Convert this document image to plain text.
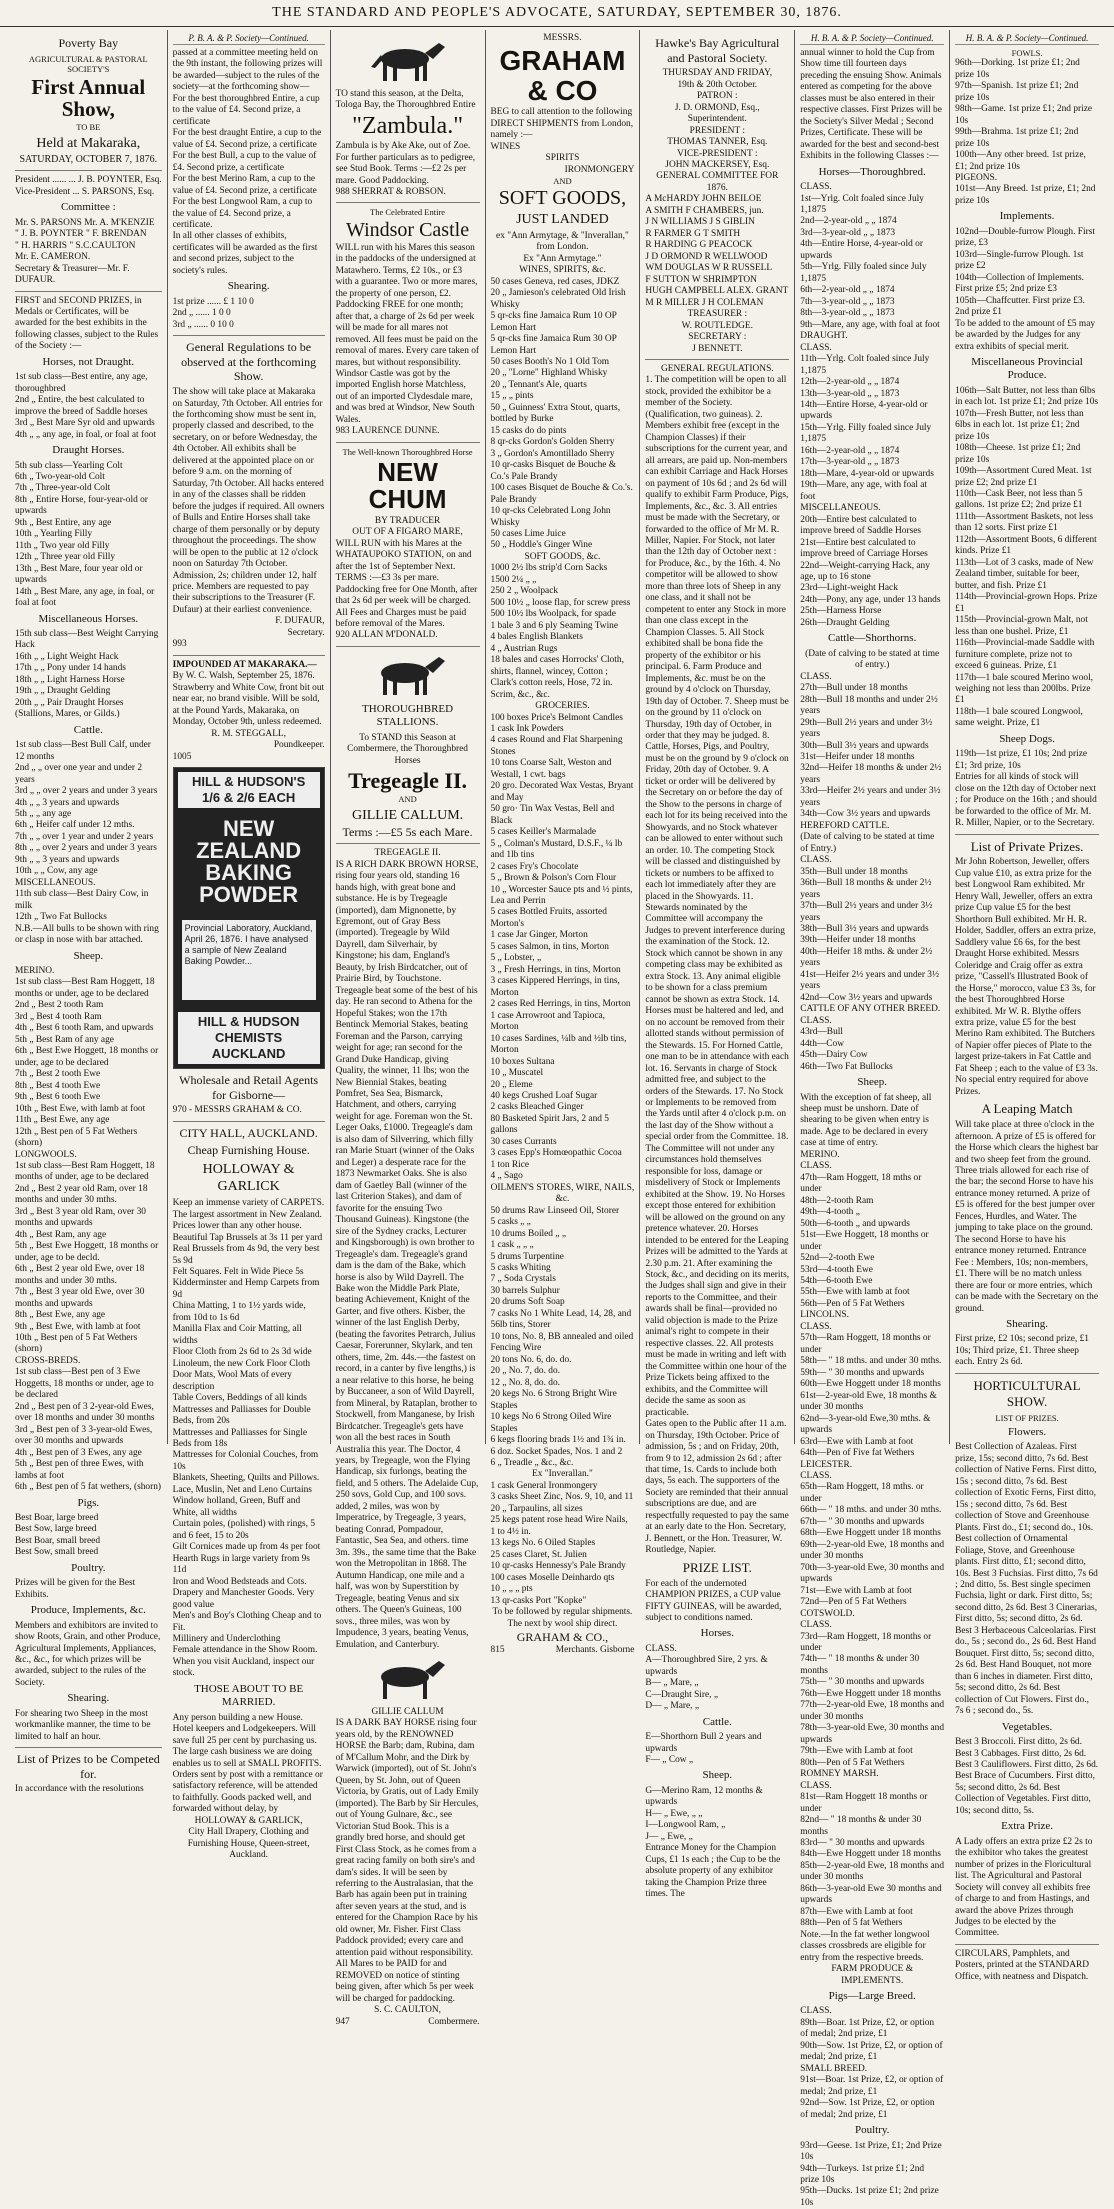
THE STANDARD AND PEOPLE'S ADVOCATE, SATURDAY, SEPTEMBER 30, 1876.
Poverty Bay
AGRICULTURAL & PASTORAL SOCIETY'S
First Annual Show,
TO BE
Held at Makaraka,
SATURDAY, OCTOBER 7, 1876.

President ...... ... J. B. POYNTER, Esq.

Vice-President ... S. PARSONS, Esq.

Committee :

Mr. S. PARSONS Mr. A. M'KENZIE

" J. B. POYNTER " F. BRENDAN

" H. HARRIS " S.C.CAULTON

Mr. E. CAMERON.

Secretary & Treasurer—Mr. F. DUFAUR.

FIRST and SECOND PRIZES, in Medals or Certificates, will be awarded for the best exhibits in the following classes, subject to the Rules of the Society :—

Horses, not Draught.

1st sub class—Best entire, any age, thoroughbred

2nd „ Entire, the best calculated to improve the breed of Saddle horses

3rd „ Best Mare Syr old and upwards

4th „ „ any age, in foal, or foal at foot

Draught Horses.

5th sub class—Yearling Colt

6th „ Two-year-old Colt

7th „ Three-year-old Colt

8th „ Entire Horse, four-year-old or upwards

9th „ Best Entire, any age

10th „ Yearling Filly

11th „ Two year old Filly

12th „ Three year old Filly

13th „ Best Mare, four year old or upwards

14th „ Best Mare, any age, in foal, or foal at foot

Miscellaneous Horses.

15th sub class—Best Weight Carrying Hack

16th „ „ Light Weight Hack

17th „ „ Pony under 14 hands

18th „ „ Light Harness Horse

19th „ „ Draught Gelding

20th „ „ Pair Draught Horses (Stallions, Mares, or Gilds.)

Cattle.

1st sub class—Best Bull Calf, under 12 months

2nd „ „ over one year and under 2 years

3rd „ „ over 2 years and under 3 years

4th „ „ 3 years and upwards

5th „ „ any age

6th „ Heifer calf under 12 mths.

7th „ „ over 1 year and under 2 years

8th „ „ over 2 years and under 3 years

9th „ „ 3 years and upwards

10th „ „ Cow, any age

MISCELLANEOUS.

11th sub class—Best Dairy Cow, in milk

12th „ Two Fat Bullocks

N.B.—All bulls to be shown with ring or clasp in nose with bar attached.

Sheep.

MERINO.

1st sub class—Best Ram Hoggett, 18 months or under, age to be declared

2nd „ Best 2 tooth Ram

3rd „ Best 4 tooth Ram

4th „ Best 6 tooth Ram, and upwards

5th „ Best Ram of any age

6th „ Best Ewe Hoggett, 18 months or under, age to be declared

7th „ Best 2 tooth Ewe

8th „ Best 4 tooth Ewe

9th „ Best 6 tooth Ewe

10th „ Best Ewe, with lamb at foot

11th „ Best Ewe, any age

12th „ Best pen of 5 Fat Wethers (shorn)

LONGWOOLS.

1st sub class—Best Ram Hoggett, 18 months of under, age to be declared

2nd „ Best 2 year old Ram, over 18 months and under 30 mths.

3rd „ Best 3 year old Ram, over 30 months and upwards

4th „ Best Ram, any age

5th „ Best Ewe Hoggett, 18 months or under, age to be decld.

6th „ Best 2 year old Ewe, over 18 months and under 30 mths.

7th „ Best 3 year old Ewe, over 30 months and upwards

8th „ Best Ewe, any age

9th „ Best Ewe, with lamb at foot

10th „ Best pen of 5 Fat Wethers (shorn)

CROSS-BREDS.

1st sub class—Best pen of 3 Ewe Hoggetts, 18 months or under, age to be declared

2nd „ Best pen of 3 2-year-old Ewes, over 18 months and under 30 months

3rd „ Best pen of 3 3-year-old Ewes, over 30 months and upwards

4th „ Best pen of 3 Ewes, any age

5th „ Best pen of three Ewes, with lambs at foot

6th „ Best pen of 5 fat wethers, (shorn)

Pigs.

Best Boar, large breed

Best Sow, large breed

Best Boar, small breed

Best Sow, small breed

Poultry.

Prizes will be given for the Best Exhibits.

Produce, Implements, &c.

Members and exhibitors are invited to show Roots, Grain, and other Produce, Agricultural Implements, Appliances, &c., &c., for which prizes will be awarded, subject to the rules of the Society.

Shearing.

For shearing two Sheep in the most workmanlike manner, the time to be limited to half an hour.

List of Prizes to be Competed for.

In accordance with the resolutions

P. B. A. & P. Society—Continued.

passed at a committee meeting held on the 9th instant, the following prizes will be awarded—subject to the rules of the society—at the forthcoming show—

For the best thoroughbred Entire, a cup to the value of £4. Second prize, a certificate

For the best draught Entire, a cup to the value of £4. Second prize, a certificate

For the best Bull, a cup to the value of £4. Second prize, a certificate

For the best Merino Ram, a cup to the value of £4. Second prize, a certificate

For the best Longwool Ram, a cup to the value of £4. Second prize, a certificate.

In all other classes of exhibits, certificates will be awarded as the first and second prizes, subject to the society's rules.

Shearing.

1st prize ...... £ 1 10 0

2nd „ ...... 1 0 0

3rd „ ...... 0 10 0

General Regulations to be observed at the forthcoming Show.

The show will take place at Makaraka on Saturday, 7th October. All entries for the forthcoming show must be sent in, properly classed and described, to the secretary, on or before Wednesday, the 4th October. All exhibits shall be delivered at the appointed place on or before 9 a.m. on the morning of Saturday, 7th October. All hacks entered in any of the classes shall be ridden before the judges if required. All owners of Bulls and Entire Horses shall take charge of them personally or by deputy throughout the proceedings. The show will be open to the public at 12 o'clock noon on Saturday 7th October. Admission, 2s; children under 12, half price. Members are requested to pay their subscriptions to the Treasurer (F. Dufaur) at their earliest convenience.

F. DUFAUR,

Secretary.

993

IMPOUNDED AT MAKARAKA.—

By W. C. Walsh, September 25, 1876. Strawberry and White Cow, front bit out near ear, no brand visible. Will be sold, at the Pound Yards, Makaraka, on Monday, October 9th, unless redeemed.

R. M. STEGGALL,

Poundkeeper.

1005

HILL & HUDSON'S 1/6 & 2/6 EACH
NEW ZEALAND BAKING POWDER
Provincial Laboratory, Auckland, April 26, 1876. I have analysed a sample of New Zealand Baking Powder...
HILL & HUDSON CHEMISTS AUCKLAND
Wholesale and Retail Agents for Gisborne—

970 - MESSRS GRAHAM & CO.

CITY HALL, AUCKLAND.
Cheap Furnishing House.
HOLLOWAY & GARLICK

Keep an immense variety of CARPETS. The largest assortment in New Zealand. Prices lower than any other house.

Beautiful Tap Brussels at 3s 11 per yard

Real Brussels from 4s 9d, the very best 5s 9d

Felt Squares. Felt in Wide Piece 5s

Kidderminster and Hemp Carpets from 9d

China Matting, 1 to 1½ yards wide, from 10d to 1s 6d

Manilla Flax and Coir Matting, all widths

Floor Cloth from 2s 6d to 2s 3d wide

Linoleum, the new Cork Floor Cloth

Door Mats, Wool Mats of every description

Table Covers, Beddings of all kinds

Mattresses and Palliasses for Double Beds, from 20s

Mattresses and Palliasses for Single Beds from 18s

Mattresses for Colonial Couches, from 10s

Blankets, Sheeting, Quilts and Pillows.

Lace, Muslin, Net and Leno Curtains

Window holland, Green, Buff and White, all widths

Curtain poles, (polished) with rings, 5 and 6 feet, 15 to 20s

Gilt Cornices made up from 4s per foot

Hearth Rugs in large variety from 9s 11d

Iron and Wood Bedsteads and Cots.

Drapery and Manchester Goods. Very good value

Men's and Boy's Clothing Cheap and to Fit.

Millinery and Underclothing

Female attendance in the Show Room.

When you visit Auckland, inspect our stock.

THOSE ABOUT TO BE MARRIED.

Any person building a new House. Hotel keepers and Lodgekeepers. Will save full 25 per cent by purchasing us. The large cash business we are doing enables us to sell at SMALL PROFITS. Orders sent by post with a remittance or satisfactory reference, will be attended to faithfully. Goods packed well, and forwarded without delay, by

HOLLOWAY & GARLICK,

City Hall Drapery, Clothing and Furnishing House, Queen-street, Auckland.

TO stand this season, at the Delta, Tologa Bay, the Thoroughbred Entire

"Zambula."

Zambula is by Ake Ake, out of Zoe. For further particulars as to pedigree, see Stud Book. Terms :—£2 2s per mare. Good Paddocking.

988 SHERRAT & ROBSON.

The Celebrated Entire
Windsor Castle

WILL run with his Mares this season in the paddocks of the undersigned at Matawhero. Terms, £2 10s., or £3 with a guarantee. Two or more mares, the property of one person, £2. Paddocking FREE for one month; after that, a charge of 2s 6d per week will be made for all mares not removed. All fees must be paid on the removal of mares. Every care taken of mares, but without responsibility. Windsor Castle was got by the imported English horse Matchless, out of an imported Clydesdale mare, and was bred at Windsor, New South Wales.

983 LAURENCE DUNNE.

The Well-known Thoroughbred Horse
NEW CHUM
BY TRADUCER
OUT OF A FIGARO MARE,

WILL RUN with his Mares at the WHATAUPOKO STATION, on and after the 1st of September Next. TERMS :—£3 3s per mare. Paddocking free for One Month, after that 2s 6d per week will be charged. All Fees and Charges must be paid before removal of the Mares.

920 ALLAN M'DONALD.

THOROUGHBRED STALLIONS.

To STAND this Season at Combermere, the Thoroughbred Horses

Tregeagle II.
AND
GILLIE CALLUM.
Terms :—£5 5s each Mare.
TREGEAGLE II.

IS A RICH DARK BROWN HORSE, rising four years old, standing 16 hands high, with great bone and substance. He is by Tregeagle (imported), dam Mignonette, by Egremont, out of Gray Bess (imported). Tregeagle by Wild Dayrell, dam Silverhair, by Kingstone; his dam, England's Beauty, by Irish Birdcatcher, out of Prairie Bird, by Touchstone. Tregeagle beat some of the best of his day. He ran second to Athena for the Hopeful Stakes; won the 17th Bentinck Memorial Stakes, beating Foreman and the Parson, carrying weight for age; ran second for the Grand Duke Handicap, giving Quality, the winner, 11 lbs; won the New Biennial Stakes, beating Pomfret, Sea Sea, Bismarck, Hatchment, and others, carrying weight for age. Foreman won the St. Leger Oaks, £1000. Tregeagle's dam is also dam of Silverring, which filly ran Marie Stuart (winner of the Oaks and Leger) a desperate race for the 1873 Newmarket Oaks. She is also dam of Gaetley Ball (winner of the last Criterion Stakes), and dam of favorite for the ensuing Two Thousand Guineas). Kingstone (the sire of the Sydney cracks, Lecturer and Kingsborough) is own brother to Tregeagle's dam. Tregeagle's grand dam is the dam of the Bake, which horse is also by Wild Dayrell. The Bake won the Middle Park Plate, beating Achievement, Knight of the Garter, and five others. Kisber, the winner of the last English Derby, (beating the favorites Petrarch, Julius Caesar, Forerunner, Skylark, and ten others, time, 2m. 44s.—the fastest on record, in a canter by five lengths,) is a near relative to this horse, he being by Buccaneer, a son of Wild Dayrell, from Mineral, by Rataplan, brother to Stockwell, from Manganese, by Irish Birdcatcher. Tregeagle's gets have won all the best races in South Australia this year. The Doctor, 4 years, by Tregeagle, won the Flying Handicap, six furlongs, beating the field, and 5 others. The Adelaide Cup, 250 sovs, Gold Cup, and 100 sovs. added, 2 miles, was won by Imperatrice, by Tregeagle, 3 years, beating Conrad, Pompadour, Fantastic, Sea Sea, and others. time 3m. 39s., the same time that the Bake won the Metropolitan in 1868. The Autumn Handicap, one mile and a half, was won by Superstition by Tregeagle, beating Venus and six others. The Queen's Guineas, 100 sovs., three miles, was won by Impudence, 3 years, beating Venus, Emulation, and Canterbury.

GILLIE CALLUM

IS A DARK BAY HORSE rising four years old, by the RENOWNED HORSE the Barb; dam, Rubina, dam of M'Callum Mohr, and the Dirk by Warwick (imported), out of St. John's Queen, by St. John, out of Queen Victoria, by Gratis, out of Lady Emily (imported). The Barb by Sir Hercules, out of Young Gulnare, &c., see Victorian Stud Book. This is a grandly bred horse, and should get First Class Stock, as he comes from a great racing family on both sire's and dam's sides. It will be seen by referring to the Australasian, that the Barb has again been put in training after seven years at the stud, and is entered for the Champion Race by his old owner, Mr. Fisher. First Class Paddock provided; every care and attention paid without responsibility. All Mares to be PAID for and REMOVED on notice of stinting being given, after which 5s per week will be charged for paddocking.

S. C. CAULTON,

947	Combermere.

MESSRS.
GRAHAM & CO

BEG to call attention to the following DIRECT SHIPMENTS from London, namely :—

WINES

SPIRITS
IRONMONGERY
AND
SOFT GOODS,
JUST LANDED

ex "Ann Armytage, & "Inverallan," from London.

Ex "Ann Armytage."
WINES, SPIRITS, &c.

50 cases Geneva, red cases, JDKZ

20 „ Jamieson's celebrated Old Irish Whisky

5 qr-cks fine Jamaica Rum 10 OP Lemon Hart

5 qr-cks fine Jamaica Rum 30 OP Lemon Hart

50 cases Booth's No 1 Old Tom

20 „ "Lorne" Highland Whisky

20 „ Tennant's Ale, quarts

15 „ „ pints

50 „ Guinness' Extra Stout, quarts, bottled by Burke

15 casks do do pints

8 qr-cks Gordon's Golden Sherry

3 „ Gordon's Amontillado Sherry

10 qr-casks Bisquet de Bouche & Co.'s Pale Brandy

100 cases Bisquet de Bouche & Co.'s. Pale Brandy

10 qr-cks Celebrated Long John Whisky

50 cases Lime Juice

50 „ Hoddle's Ginger Wine

SOFT GOODS, &c.

1000 2½ lbs strip'd Corn Sacks

1500 2¼ „ „

250 2 „ Woolpack

500 10½ „ loose flap, for screw press

500 10½ lbs Woolpack, for spade

1 bale 3 and 6 ply Seaming Twine

4 bales English Blankets

4 „ Austrian Rugs

18 bales and cases Horrocks' Cloth, shirts, flannel, wincey, Cotton ; Clark's cotton reels, Hose, 72 in. Scrim, &c., &c.

GROCERIES.

100 boxes Price's Belmont Candles

1 cask Ink Powders

4 cases Round and Flat Sharpening Stones

10 tons Coarse Salt, Weston and Westall, 1 cwt. bags

20 gro. Decorated Wax Vestas, Bryant and May

50 gro· Tin Wax Vestas, Bell and Black

5 cases Keiller's Marmalade

5 „ Colman's Mustard, D.S.F., ¼ lb and 1lb tins

2 cases Fry's Chocolate

5 „ Brown & Polson's Corn Flour

10 „ Worcester Sauce pts and ½ pints, Lea and Perrin

5 cases Bottled Fruits, assorted Morton's

1 case Jar Ginger, Morton

5 cases Salmon, in tins, Morton

5 „ Lobster, „

3 „ Fresh Herrings, in tins, Morton

3 cases Kippered Herrings, in tins, Morton

2 cases Red Herrings, in tins, Morton

1 case Arrowroot and Tapioca, Morton

10 cases Sardines, ¼lb and ½lb tins, Morton

10 boxes Sultana

10 „ Muscatel

20 „ Eleme

40 kegs Crushed Loaf Sugar

2 casks Bleached Ginger

80 Basketed Spirit Jars, 2 and 5 gallons

30 cases Currants

3 cases Epp's Homœopathic Cocoa

1 ton Rice

4 „ Sago

OILMEN'S STORES, WIRE, NAILS, &c.

50 drums Raw Linseed Oil, Storer

5 casks „ „

10 drums Boiled „ „

1 cask „ „ „

5 drums Turpentine

5 casks Whiting

7 „ Soda Crystals

30 barrels Sulphur

20 drums Soft Soap

7 casks No 1 White Lead, 14, 28, and 56lb tins, Storer

10 tons, No. 8, BB annealed and oiled Fencing Wire

20 tons No. 6, do. do.

20 „ No. 7, do. do.

12 „ No. 8, do. do.

20 kegs No. 6 Strong Bright Wire Staples

10 kegs No 6 Strong Oiled Wire Staples

6 kegs flooring brads 1½ and 1¾ in.

6 doz. Socket Spades, Nos. 1 and 2

6 „ Treadle „ &c., &c.

Ex "Inverallan."

1 cask General Ironmongery

3 casks Sheet Zinc, Nos. 9, 10, and 11

20 „ Tarpaulins, all sizes

25 kegs patent rose head Wire Nails, 1 to 4½ in.

13 kegs No. 6 Oiled Staples

25 cases Claret, St. Julien

10 qr-casks Hennessy's Pale Brandy

100 cases Moselle Deinhardo qts

10 „ „ „ pts

13 qr-casks Port "Kopke"

To be followed by regular shipments. The next by wool ship direct.

GRAHAM & CO.,

815	Merchants. Gisborne

Hawke's Bay Agricultural and Pastoral Society.
THURSDAY AND FRIDAY,
19th & 20th October.
PATRON :
J. D. ORMOND, Esq., Superintendent.
PRESIDENT :
THOMAS TANNER, Esq.
VICE-PRESIDENT :
JOHN MACKERSEY, Esq.
GENERAL COMMITTEE FOR 1876.

A McHARDY JOHN BEILOE

A SMITH F CHAMBERS, jun.

J N WILLIAMS J S GIBLIN

R FARMER G T SMITH

R HARDING G PEACOCK

J D ORMOND R WELLWOOD

WM DOUGLAS W R RUSSELL

F SUTTON W SHRIMPTON

HUGH CAMPBELL ALEX. GRANT

M R MILLER J H COLEMAN

TREASURER :
W. ROUTLEDGE.
SECRETARY :
J BENNETT.
GENERAL REGULATIONS.

1. The competition will be open to all stock, provided the exhibitor be a member of the Society. (Qualification, two guineas). 2. Members exhibit free (except in the Champion Classes) if their subscriptions for the current year, and all arrears, are paid up. Non-members can exhibit Carriage and Hack Horses on payment of 10s 6d ; and 2s 6d will qualify to exhibit Farm Produce, Pigs, Implements, &c., &c. 3. All entries must be made with the Secretary, or forwarded to the office of Mr M. R. Miller, Napier. For Stock, not later than the 12th day of October next : for Produce, &c., by the 16th. 4. No competitor will be allowed to show more than three lots of Sheep in any one class, and it shall not be competent to enter any Stock in more than one class except in the Champion Classes. 5. All Stock exhibited shall be bona fide the property of the exhibitor or his principal. 6. Farm Produce and Implements, &c. must be on the ground by 4 o'clock on Thursday, 19th day of October. 7. Sheep must be on the ground by 11 o'clock on Thursday, 19th day of October, in order that they may be judged. 8. Cattle, Horses, Pigs, and Poultry, must be on the ground by 9 o'clock on Friday, 20th day of October. 9. A ticket or order will be delivered by the Secretary on or before the day of the Show to the persons in charge of each lot for its being received into the Showyards, and no Stock whatever can be allowed to enter without such an order. 10. The competing Stock will be classed and distinguished by tickets or numbers to be affixed to each lot immediately after they are placed in the Showyards. 11. Stewards nominated by the Committee will accompany the Judges to prevent interference during the examination of the Stock. 12. Stock which cannot be shown in any competing class may be exhibited as extra Stock. 13. Any animal eligible to be shown for a class premium cannot be shown as extra Stock. 14. Horses must be haltered and led, and on no account be removed from their allotted stands without permission of the Stewards. 15. For Horned Cattle, one man to be in attendance with each lot. 16. Servants in charge of Stock admitted free, and subject to the orders of the Stewards. 17. No Stock or Implements to be removed from the Yards until after 4 o'clock p.m. on the last day of the Show without a special order from the Committee. 18. The Committee will not under any circumstances hold themselves responsible for loss, damage or misdelivery of Stock or Implements exhibited at the Show. 19. No Horses except those entered for exhibition will be allowed on the ground on any pretence whatever. 20. Horses intended to be entered for the Leaping Prizes will be admitted to the Yards at 2.30 p.m. 21. After examining the Stock, &c., and deciding on its merits, the Judges shall sign and give in their reports to the Committee, and their awards shall be final—provided no valid objection is made to the Prize animal's right to compete in their respective classes. 22. All protests must be made in writing and left with the Committee within one hour of the Prize Tickets being affixed to the exhibits, and the Committee will decide the same as soon as practicable.

Gates open to the Public after 11 a.m. on Thursday, 19th October. Price of admission, 5s ; and on Friday, 20th, from 9 to 12, admission 2s 6d ; after that time, 1s. Cards to include both days, 5s each. The supporters of the Society are reminded that their annual subscriptions are due, and are respectfully requested to pay the same at an early date to the Hon. Secretary, J. Bennett, or the Hon. Treasurer, W. Routledge, Napier.

PRIZE LIST.

For each of the undernoted CHAMPION PRIZES, a CUP value FIFTY GUINEAS, will be awarded, subject to conditions named.

Horses.

CLASS.

A—Thoroughbred Sire, 2 yrs. & upwards

B— „ Mare, „

C—Draught Sire, „

D— „ Mare, „

Cattle.

E—Shorthorn Bull 2 years and upwards

F— „ Cow „

Sheep.

G—Merino Ram, 12 months & upwards

H— „ Ewe, „ „

I—Longwool Ram, „

J— „ Ewe, „

Entrance Money for the Champion Cups, £1 1s each ; the Cup to be the absolute property of any exhibitor taking the Champion Prize three times. The

H. B. A. & P. Society—Continued.

annual winner to hold the Cup from Show time till fourteen days preceding the ensuing Show. Animals entered as competing for the above classes must be also entered in their respective classes. First Prizes will be the Society's Silver Medal ; Second Prizes, Certificate. These will be awarded for the best and second-best Exhibits in the following Classes :—

Horses—Thoroughbred.

CLASS.

1st—Yrlg. Colt foaled since July 1,1875

2nd—2-year-old „ „ 1874

3rd—3-year-old „ „ 1873

4th—Entire Horse, 4-year-old or upwards

5th—Yrlg. Filly foaled since July 1,1875

6th—2-year-old „ „ 1874

7th—3-year-old „ „ 1873

8th—3-year-old „ „ 1873

9th—Mare, any age, with foal at foot

DRAUGHT.

CLASS.

11th—Yrlg. Colt foaled since July 1,1875

12th—2-year-old „ „ 1874

13th—3-year-old „ „ 1873

14th—Entire Horse, 4-year-old or upwards

15th—Yrlg. Filly foaled since July 1,1875

16th—2-year-old „ „ 1874

17th—3-year-old „ „ 1873

18th—Mare, 4-year-old or upwards

19th—Mare, any age, with foal at foot

MISCELLANEOUS.

20th—Entire best calculated to improve breed of Saddle Horses

21st—Entire best calculated to improve breed of Carriage Horses

22nd—Weight-carrying Hack, any age, up to 16 stone

23rd—Light-weight Hack

24th—Pony, any age, under 13 hands

25th—Harness Horse

26th—Draught Gelding

Cattle—Shorthorns.

(Date of calving to be stated at time of entry.)

CLASS.

27th—Bull under 18 months

28th—Bull 18 months and under 2½ years

29th—Bull 2½ years and under 3½ years

30th—Bull 3½ years and upwards

31st—Heifer under 18 months

32nd—Heifer 18 months & under 2½ years

33rd—Heifer 2½ years and under 3½ years

34th—Cow 3½ years and upwards

HEREFORD CATTLE.

(Date of calving to be stated at time of Entry.)

CLASS.

35th—Bull under 18 months

36th—Bull 18 months & under 2½ years

37th—Bull 2½ years and under 3½ years

38th—Bull 3½ years and upwards

39th—Heifer under 18 months

40th—Heifer 18 mths. & under 2½ years

41st—Heifer 2½ years and under 3½ years

42nd—Cow 3½ years and upwards

CATTLE OF ANY OTHER BREED.

CLASS.

43rd—Bull

44th—Cow

45th—Dairy Cow

46th—Two Fat Bullocks

Sheep.

With the exception of fat sheep, all sheep must be unshorn. Date of shearing to be given when entry is made. Age to be declared in every case at time of entry.

MERINO.

CLASS.

47th—Ram Hoggett, 18 mths or under

48th—2-tooth Ram

49th—4-tooth „

50th—6-tooth „ and upwards

51st—Ewe Hoggett, 18 months or under

52nd—2-tooth Ewe

53rd—4-tooth Ewe

54th—6-tooth Ewe

55th—Ewe with lamb at foot

56th—Pen of 5 Fat Wethers

LINCOLNS.

CLASS.

57th—Ram Hoggett, 18 months or under

58th— " 18 mths. and under 30 mths.

59th— " 30 months and upwards

60th—Ewe Hoggett under 18 months

61st—2-year-old Ewe, 18 months & under 30 months

62nd—3-year-old Ewe,30 mths. & upwards

63rd—Ewe with Lamb at foot

64th—Pen of Five fat Wethers

LEICESTER.

CLASS.

65th—Ram Hoggett, 18 mths. or under

66th— " 18 mths. and under 30 mths.

67th— " 30 months and upwards

68th—Ewe Hoggett under 18 months

69th—2-year-old Ewe, 18 months and under 30 months

70th—3-year-old Ewe, 30 months and upwards

71st—Ewe with Lamb at foot

72nd—Pen of 5 Fat Wethers

COTSWOLD.

CLASS.

73rd—Ram Hoggett, 18 months or under

74th— " 18 months & under 30 months

75th— " 30 months and upwards

76th—Ewe Hoggett under 18 months

77th—2-year-old Ewe, 18 months and under 30 months

78th—3-year-old Ewe, 30 months and upwards

79th—Ewe with Lamb at foot

80th—Pen of 5 Fat Wethers

ROMNEY MARSH.

CLASS.

81st—Ram Hoggett 18 months or under

82nd— " 18 months & under 30 months

83rd— " 30 months and upwards

84th—Ewe Hoggett under 18 months

85th—2-year-old Ewe, 18 months and under 30 months

86th—3-year-old Ewe 30 months and upwards

87th—Ewe with Lamb at foot

88th—Pen of 5 fat Wethers

Note.—In the fat wether longwool classes crossbreds are eligible for entry from the respective breeds.

FARM PRODUCE & IMPLEMENTS.
Pigs—Large Breed.

CLASS.

89th—Boar. 1st Prize, £2, or option of medal; 2nd prize, £1

90th—Sow. 1st Prize, £2, or option of medal; 2nd prize, £1

SMALL BREED.

91st—Boar. 1st Prize, £2, or option of medal; 2nd prize, £1

92nd—Sow. 1st Prize, £2, or option of medal; 2nd prize, £1

Poultry.

93rd—Geese. 1st Prize, £1; 2nd Prize 10s

94th—Turkeys. 1st prize £1; 2nd prize 10s

95th—Ducks. 1st prize £1; 2nd prize 10s

H. B. A. & P. Society—Continued.
FOWLS.

96th—Dorking. 1st prize £1; 2nd prize 10s

97th—Spanish. 1st prize £1; 2nd prize 10s

98th—Game. 1st prize £1; 2nd prize 10s

99th—Brahma. 1st prize £1; 2nd prize 10s

100th—Any other breed. 1st prize, £1; 2nd prize 10s

PIGEONS.

101st—Any Breed. 1st prize, £1; 2nd prize 10s

Implements.

102nd—Double-furrow Plough. First prize, £3

103rd—Single-furrow Plough. 1st prize £2

104th—Collection of Implements. First prize £5; 2nd prize £3

105th—Chaffcutter. First prize £3. 2nd prize £1

To be added to the amount of £5 may be awarded by the Judges for any extra exhibits of special merit.

Miscellaneous Provincial Produce.

106th—Salt Butter, not less than 6lbs in each lot. 1st prize £1; 2nd prize 10s

107th—Fresh Butter, not less than 6lbs in each lot. 1st prize £1; 2nd prize 10s

108th—Cheese. 1st prize £1; 2nd prize 10s

109th—Assortment Cured Meat. 1st prize £2; 2nd prize £1

110th—Cask Beer, not less than 5 gallons. 1st prize £2; 2nd prize £1

111th—Assortment Baskets, not less than 12 sorts. First prize £1

112th—Assortment Boots, 6 different kinds. Prize £1

113th—Lot of 3 casks, made of New Zealand timber, suitable for beer, butter, and fish. Prize £1

114th—Provincial-grown Hops. Prize £1

115th—Provincial-grown Malt, not less than one bushel. Prize, £1

116th—Provincial-made Saddle with furniture complete, prize not to exceed 6 guineas. Prize, £1

117th—1 bale scoured Merino wool, weighing not less than 200lbs. Prize £1

118th—1 bale scoured Longwool, same weight. Prize, £1

Sheep Dogs.

119th—1st prize, £1 10s; 2nd prize £1; 3rd prize, 10s

Entries for all kinds of stock will close on the 12th day of October next ; for Produce on the 16th ; and should be forwarded to the office of Mr. M. R. Miller, Napier, or to the Secretary.

List of Private Prizes.

Mr John Robertson, Jeweller, offers Cup value £10, as extra prize for the best Longwool Ram exhibited. Mr Henry Wall, Jeweller, offers an extra prize Cup value £5 for the best Shorthorn Bull exhibited. Mr H. R. Holder, Saddler, offers an extra prize, Saddlery value £6 6s, for the best Draught Horse exhibited. Messrs Coleridge and Craig offer as extra prize, "Cassell's Illustrated Book of the Horse," morocco, value £3 3s, for the best Thoroughbred Horse exhibited. Mr W. R. Blythe offers extra prize, value £5 for the best Merino Ram exhibited. The Butchers of Napier offer pieces of Plate to the largest prize-takers in Fat Cattle and Fat Sheep ; each to the value of £3 3s. No special entry required for above Prizes.

A Leaping Match

Will take place at three o'clock in the afternoon. A prize of £5 is offered for the Horse which clears the highest bar and two sheep feet from the ground. Three trials allowed for each rise of the bar; the second Horse to have his entrance money returned. A prize of £5 is offered for the best jumper over Fences, Hurdles, and Water. The jumping to take place on the ground. The second Horse to have his entrance money returned. Entrance Fee : Members, 10s; non-members, £1. There will be no match unless there are four or more entries, which can be made with the Secretary on the ground.

Shearing.

First prize, £2 10s; second prize, £1 10s; Third prize, £1. Three sheep each. Entry 2s 6d.

HORTICULTURAL SHOW.
LIST OF PRIZES.
Flowers.

Best Collection of Azaleas. First prize, 15s; second ditto, 7s 6d. Best collection of Native Ferns. First ditto, 15s ; second ditto, 7s 6d. Best collection of Exotic Ferns, First ditto, 15s ; second ditto, 7s 6d. Best collection of Stove and Greenhouse Plants. First do., £1; second do., 10s. Best collection of Ornamental Foliage, Stove, and Greenhouse plants. First ditto, £1; second ditto, 10s. Best 3 Fuchsias. First ditto, 7s 6d ; 2nd ditto, 5s. Best single specimen Fuchsia, light or dark. First ditto, 5s; second ditto, 2s 6d. Best 3 Cinerarias, First ditto, 5s; second ditto, 2s 6d. Best 3 Herbaceous Calceolarias. First do., 5s ; second do., 2s 6d. Best Hand Bouquet. First ditto, 5s; second ditto, 2s 6d. Best Hand Bouquet, not more than 6 inches in diameter. First ditto, 5s; second ditto, 2s 6d. Best collection of Cut Flowers. First do., 7s 6 ; second do., 5s.

Vegetables.

Best 3 Broccoli. First ditto, 2s 6d. Best 3 Cabbages. First ditto, 2s 6d. Best 3 Cauliflowers. First ditto, 2s 6d. Best Brace of Cucumbers. First ditto, 5s; second ditto, 2s 6d. Best Collection of Vegetables. First ditto, 10s; second ditto, 5s.

Extra Prize.

A Lady offers an extra prize £2 2s to the exhibitor who takes the greatest number of prizes in the Floricultural list. The Agricultural and Pastoral Society will convey all exhibits free of charge to and from Hastings, and award the above Prizes through Judges to be elected by the Committee.

CIRCULARS, Pamphlets, and Posters, printed at the STANDARD Office, with neatness and Dispatch.
